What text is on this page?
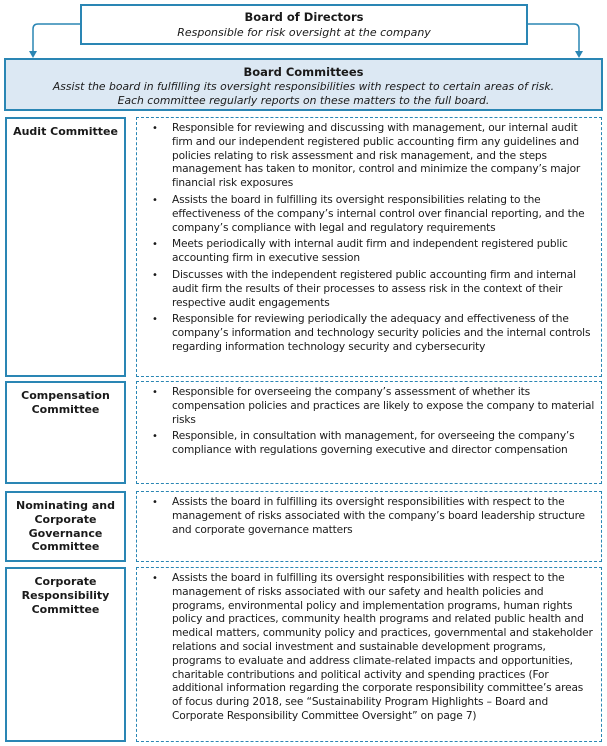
Board of Directors
Responsible for risk oversight at the company
Board Committees
Assist the board in fulfilling its oversight responsibilities with respect to certain areas of risk.
Each committee regularly reports on these matters to the full board.
Audit Committee	• Responsible for reviewing and discussing with management, our internal audit firm and our independent registered public accounting firm any guidelines and policies relating to risk assessment and risk management, and the steps management has taken to monitor, control and minimize the company’s major financial risk exposures
• Assists the board in fulfilling its oversight responsibilities relating to the effectiveness of the company’s internal control over financial reporting, and the company’s compliance with legal and regulatory requirements
• Meets periodically with internal audit firm and independent registered public accounting firm in executive session
• Discusses with the independent registered public accounting firm and internal audit firm the results of their processes to assess risk in the context of their respective audit engagements
• Responsible for reviewing periodically the adequacy and effectiveness of the company’s information and technology security policies and the internal controls regarding information technology security and cybersecurity
Compensation Committee
• Responsible for overseeing the company’s assessment of whether its compensation policies and practices are likely to expose the company to material risks
• Responsible, in consultation with management, for overseeing the company’s compliance with regulations governing executive and director compensation
Nominating and Corporate Governance Committee
• Assists the board in fulfilling its oversight responsibilities with respect to the management of risks associated with the company’s board leadership structure and corporate governance matters
Corporate Responsibility Committee
• Assists the board in fulfilling its oversight responsibilities with respect to the management of risks associated with our safety and health policies and programs, environmental policy and implementation programs, human rights policy and practices, community health programs and related public health and medical matters, community policy and practices, governmental and stakeholder relations and social investment and sustainable development programs, programs to evaluate and address climate-related impacts and opportunities, charitable contributions and political activity and spending practices (For additional information regarding the corporate responsibility committee’s areas of focus during 2018, see “Sustainability Program Highlights – Board and Corporate Responsibility Committee Oversight” on page 7)
